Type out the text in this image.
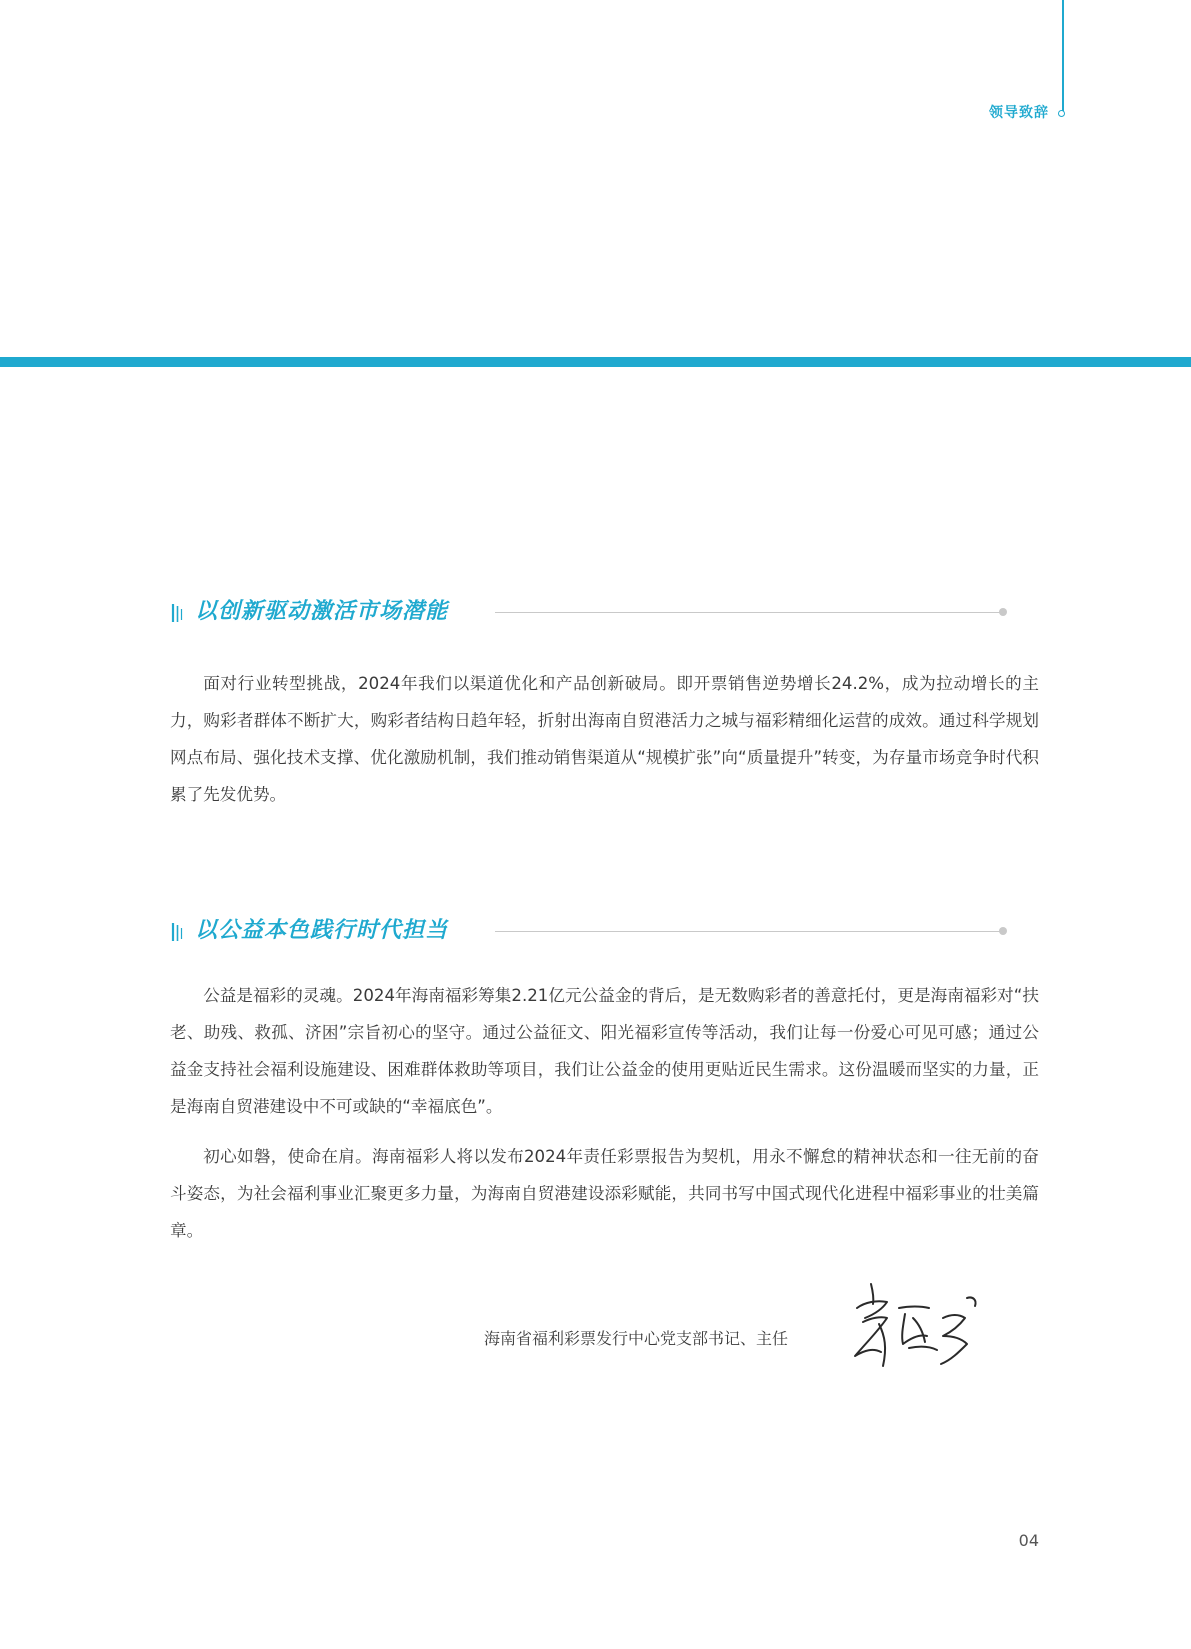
领导致辞
以创新驱动激活市场潜能

面对行业转型挑战，2024年我们以渠道优化和产品创新破局。即开票销售逆势增长24.2%，成为拉动增长的主力，购彩者群体不断扩大，购彩者结构日趋年轻，折射出海南自贸港活力之城与福彩精细化运营的成效。通过科学规划网点布局、强化技术支撑、优化激励机制，我们推动销售渠道从“规模扩张”向“质量提升”转变，为存量市场竞争时代积累了先发优势。

以公益本色践行时代担当

公益是福彩的灵魂。2024年海南福彩筹集2.21亿元公益金的背后，是无数购彩者的善意托付，更是海南福彩对“扶老、助残、救孤、济困”宗旨初心的坚守。通过公益征文、阳光福彩宣传等活动，我们让每一份爱心可见可感；通过公益金支持社会福利设施建设、困难群体救助等项目，我们让公益金的使用更贴近民生需求。这份温暖而坚实的力量，正是海南自贸港建设中不可或缺的“幸福底色”。

初心如磐，使命在肩。海南福彩人将以发布2024年责任彩票报告为契机，用永不懈怠的精神状态和一往无前的奋斗姿态，为社会福利事业汇聚更多力量，为海南自贸港建设添彩赋能，共同书写中国式现代化进程中福彩事业的壮美篇章。

海南省福利彩票发行中心党支部书记、主任
04
